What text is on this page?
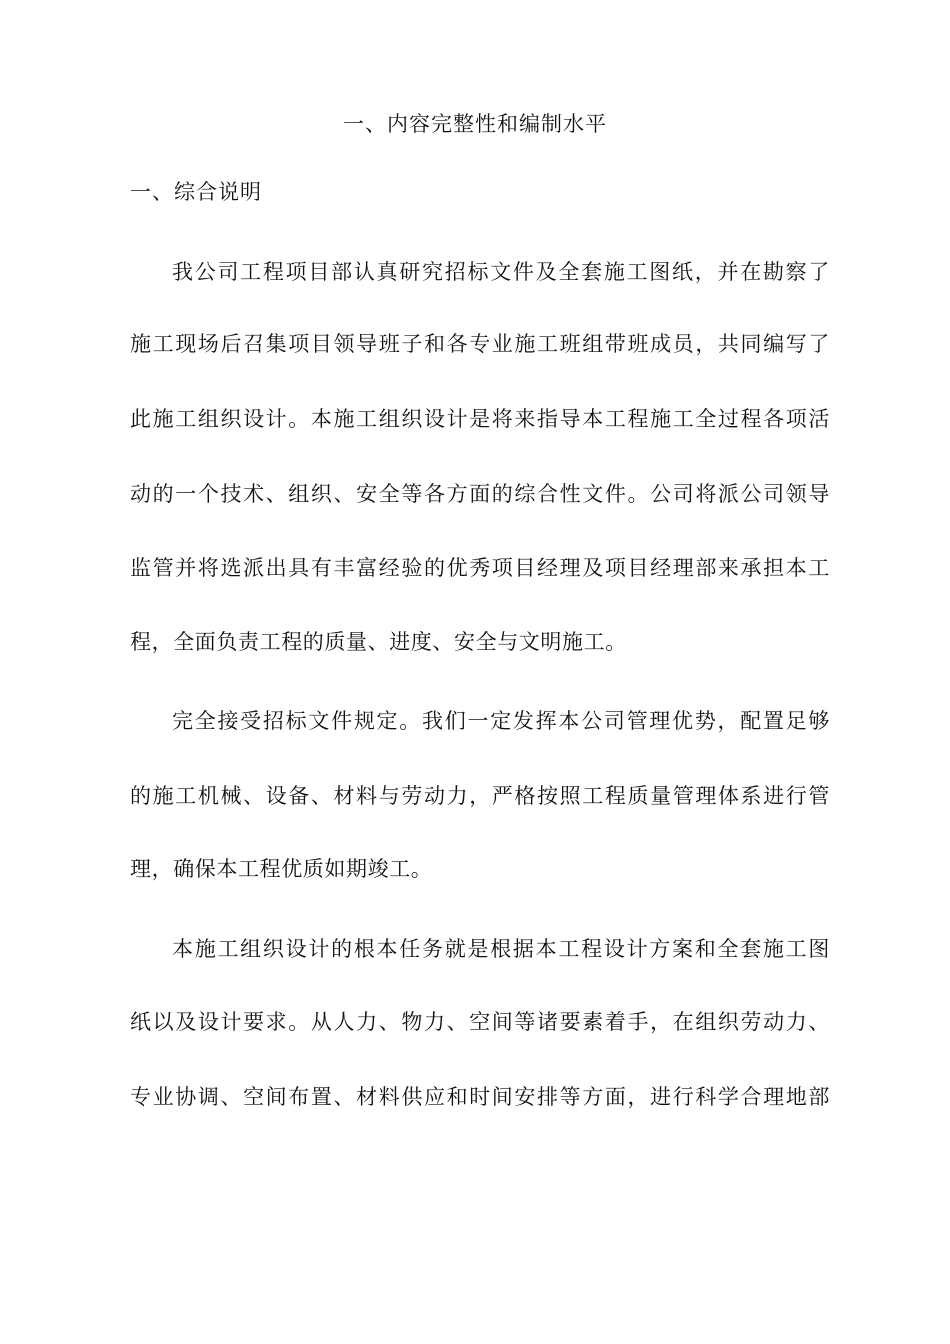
一、内容完整性和编制水平
一、综合说明
我公司工程项目部认真研究招标文件及全套施工图纸，并在勘察了
施工现场后召集项目领导班子和各专业施工班组带班成员，共同编写了
此施工组织设计。本施工组织设计是将来指导本工程施工全过程各项活
动的一个技术、组织、安全等各方面的综合性文件。公司将派公司领导
监管并将选派出具有丰富经验的优秀项目经理及项目经理部来承担本工
程，全面负责工程的质量、进度、安全与文明施工。
完全接受招标文件规定。我们一定发挥本公司管理优势，配置足够
的施工机械、设备、材料与劳动力，严格按照工程质量管理体系进行管
理，确保本工程优质如期竣工。
本施工组织设计的根本任务就是根据本工程设计方案和全套施工图
纸以及设计要求。从人力、物力、空间等诸要素着手，在组织劳动力、
专业协调、空间布置、材料供应和时间安排等方面，进行科学合理地部
